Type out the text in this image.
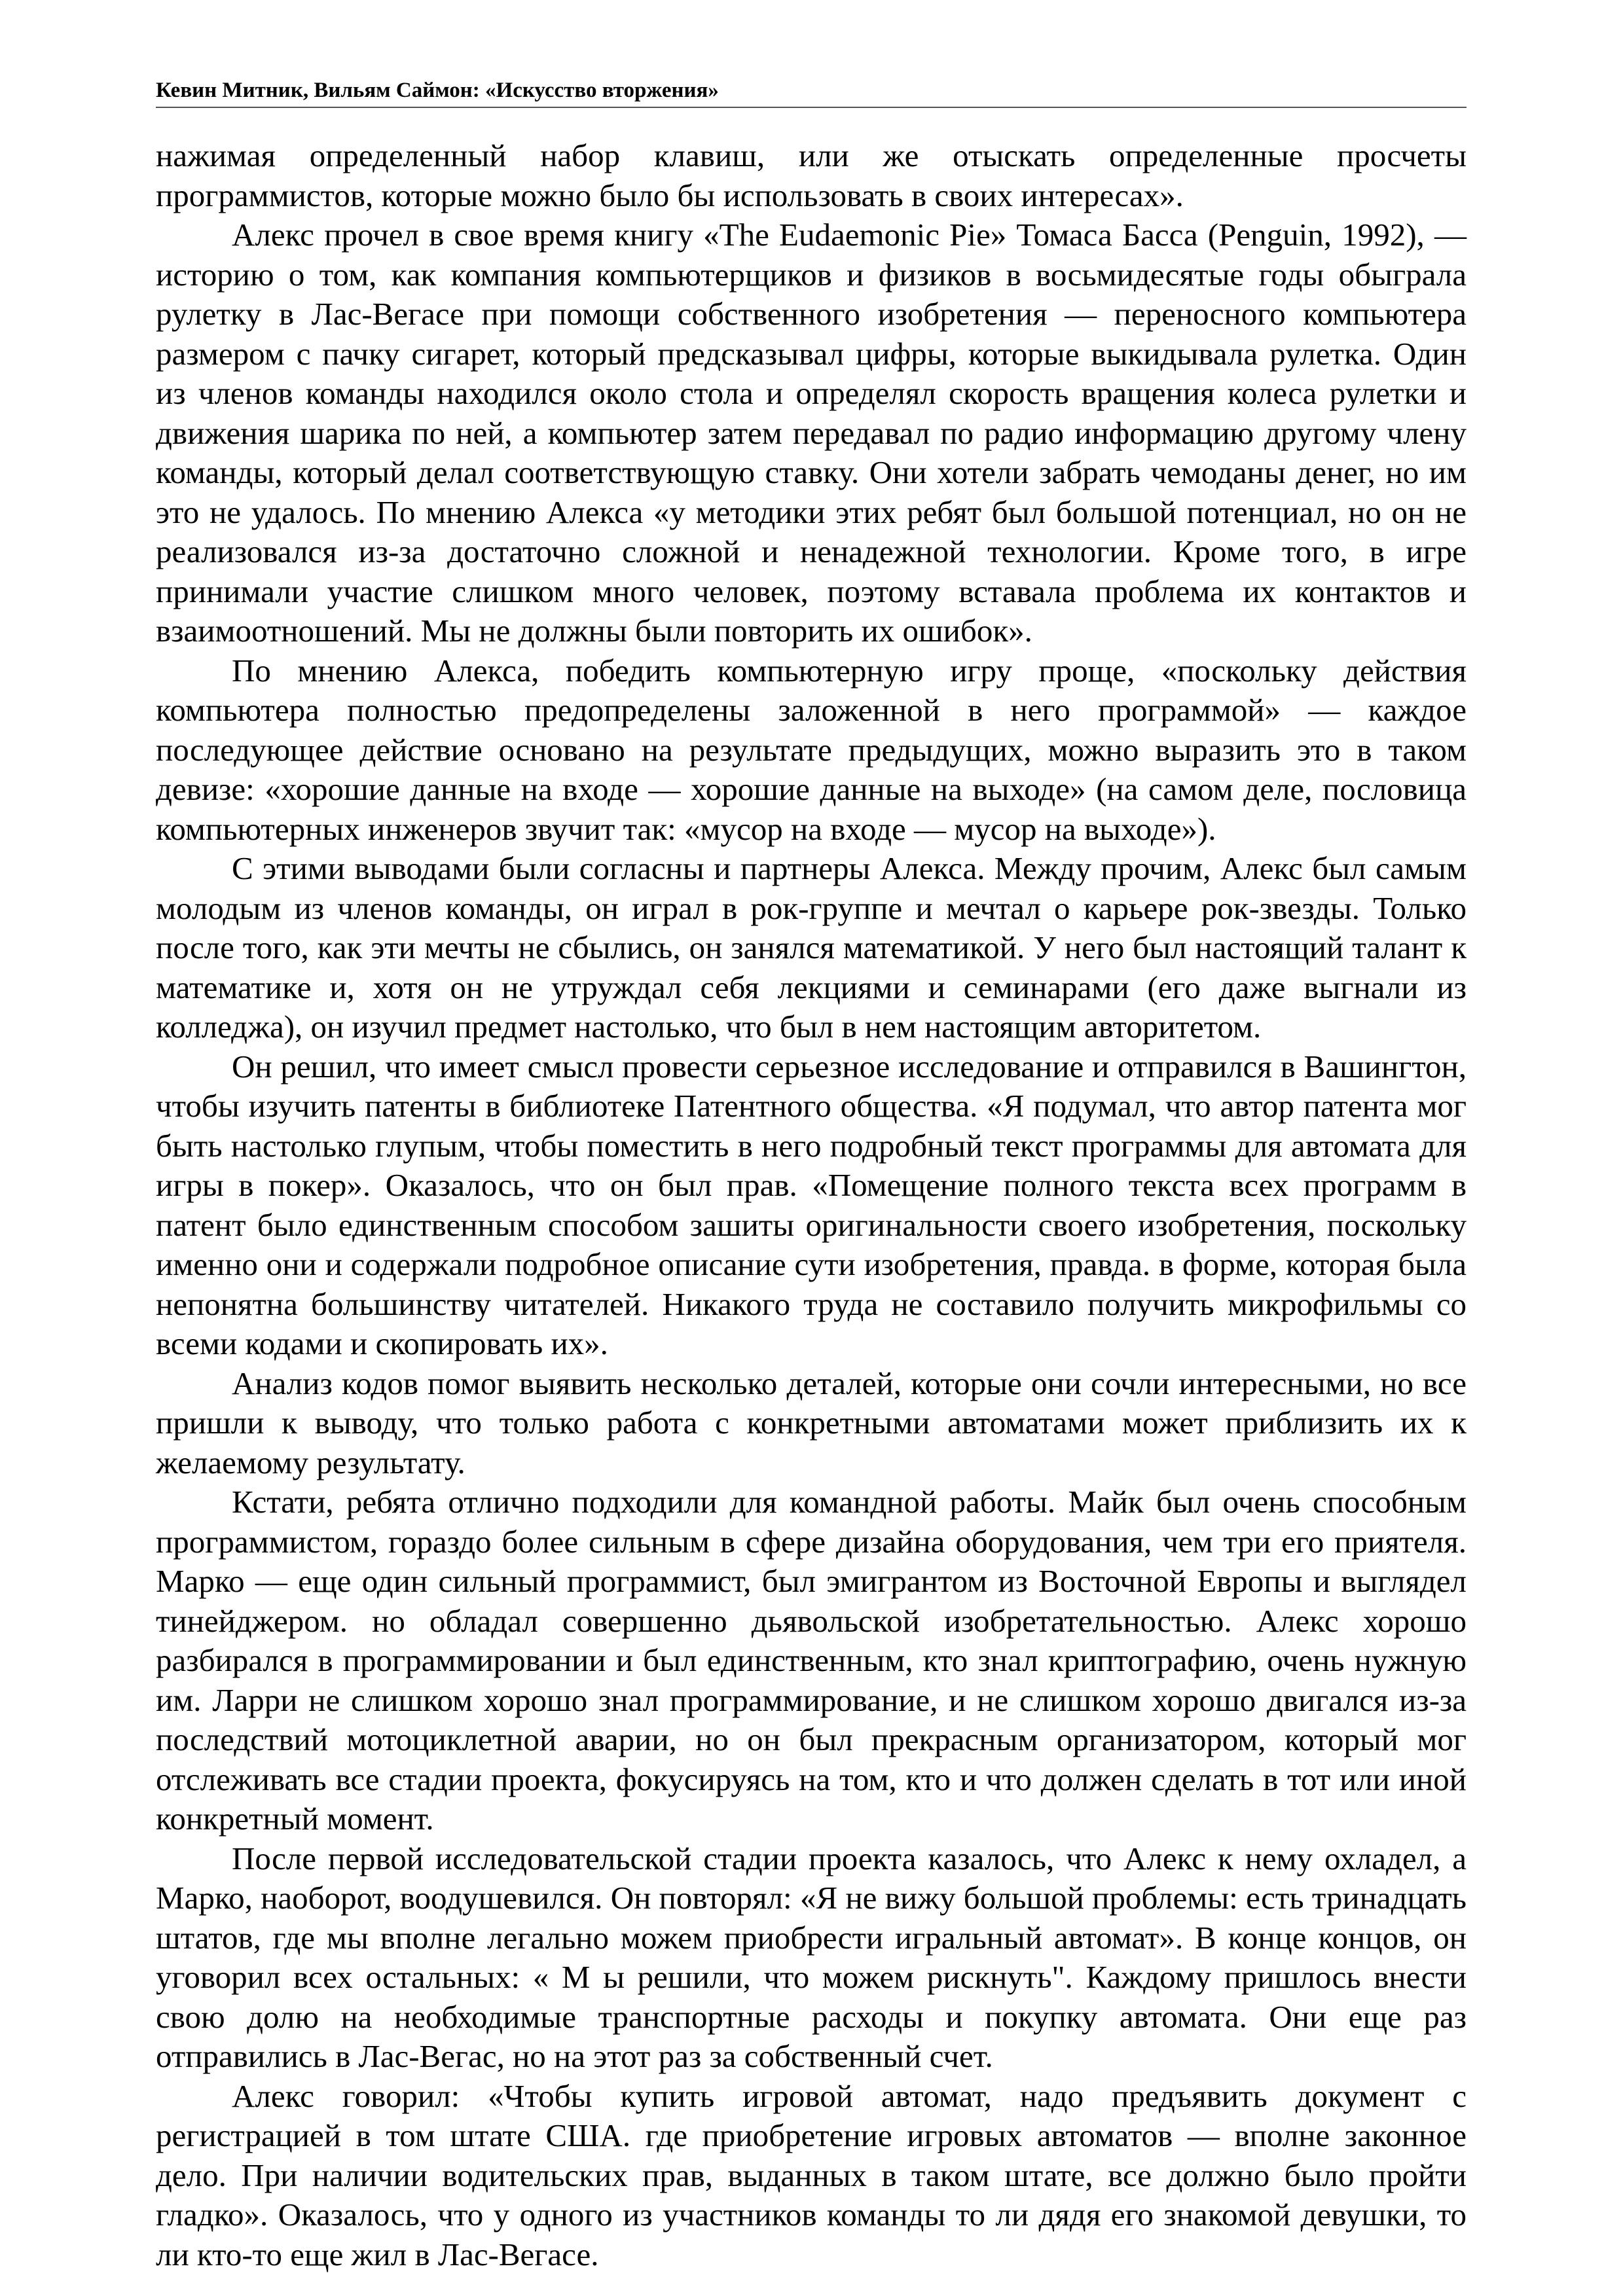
Кевин Митник, Вильям Саймон: «Искусство вторжения»

нажимая определенный набор клавиш, или же отыскать определенные просчеты программистов, которые можно было бы использовать в своих интересах».

Алекс прочел в свое время книгу «The Eudaemonic Pie» Томаса Басса (Penguin, 1992), — историю о том, как компания компьютерщиков и физиков в восьмидесятые годы обыграла рулетку в Лас-Вегасе при помощи собственного изобретения — переносного компьютера размером с пачку сигарет, который предсказывал цифры, которые выкидывала рулетка. Один из членов команды находился около стола и определял скорость вращения колеса рулетки и движения шарика по ней, а компьютер затем передавал по радио информацию другому члену команды, который делал соответствующую ставку. Они хотели забрать чемоданы денег, но им это не удалось. По мнению Алекса «у методики этих ребят был большой потенциал, но он не реализовался из-за достаточно сложной и ненадежной технологии. Кроме того, в игре принимали участие слишком много человек, поэтому вставала проблема их контактов и взаимоотношений. Мы не должны были повторить их ошибок».

По мнению Алекса, победить компьютерную игру проще, «поскольку действия компьютера полностью предопределены заложенной в него программой» — каждое последующее действие основано на результате предыдущих, можно выразить это в таком девизе: «хорошие данные на входе — хорошие данные на выходе» (на самом деле, пословица компьютерных инженеров звучит так: «мусор на входе — мусор на выходе»).

С этими выводами были согласны и партнеры Алекса. Между прочим, Алекс был самым молодым из членов команды, он играл в рок-группе и мечтал о карьере рок-звезды. Только после того, как эти мечты не сбылись, он занялся математикой. У него был настоящий талант к математике и, хотя он не утруждал себя лекциями и семинарами (его даже выгнали из колледжа), он изучил предмет настолько, что был в нем настоящим авторитетом.

Он решил, что имеет смысл провести серьезное исследование и отправился в Вашингтон, чтобы изучить патенты в библиотеке Патентного общества. «Я подумал, что автор патента мог быть настолько глупым, чтобы поместить в него подробный текст программы для автомата для игры в покер». Оказалось, что он был прав. «Помещение полного текста всех программ в патент было единственным способом зашиты оригинальности своего изобретения, поскольку именно они и содержали подробное описание сути изобретения, правда. в форме, которая была непонятна большинству читателей. Никакого труда не составило получить микрофильмы со всеми кодами и скопировать их».

Анализ кодов помог выявить несколько деталей, которые они сочли интересными, но все пришли к выводу, что только работа с конкретными автоматами может приблизить их к желаемому результату.

Кстати, ребята отлично подходили для командной работы. Майк был очень способным программистом, гораздо более сильным в сфере дизайна оборудования, чем три его приятеля. Марко — еще один сильный программист, был эмигрантом из Восточной Европы и выглядел тинейджером. но обладал совершенно дьявольской изобретательностью. Алекс хорошо разбирался в программировании и был единственным, кто знал криптографию, очень нужную им. Ларри не слишком хорошо знал программирование, и не слишком хорошо двигался из-за последствий мотоциклетной аварии, но он был прекрасным организатором, который мог отслеживать все стадии проекта, фокусируясь на том, кто и что должен сделать в тот или иной конкретный момент.

После первой исследовательской стадии проекта казалось, что Алекс к нему охладел, а Марко, наоборот, воодушевился. Он повторял: «Я не вижу большой проблемы: есть тринадцать штатов, где мы вполне легально можем приобрести игральный автомат». В конце концов, он уговорил всех остальных: « М ы решили, что можем рискнуть". Каждому пришлось внести свою долю на необходимые транспортные расходы и покупку автомата. Они еще раз отправились в Лас-Вегас, но на этот раз за собственный счет.

Алекс говорил: «Чтобы купить игровой автомат, надо предъявить документ с регистрацией в том штате США. где приобретение игровых автоматов — вполне законное дело. При наличии водительских прав, выданных в таком штате, все должно было пройти гладко». Оказалось, что у одного из участников команды то ли дядя его знакомой девушки, то ли кто-то еще жил в Лас-Вегасе.
